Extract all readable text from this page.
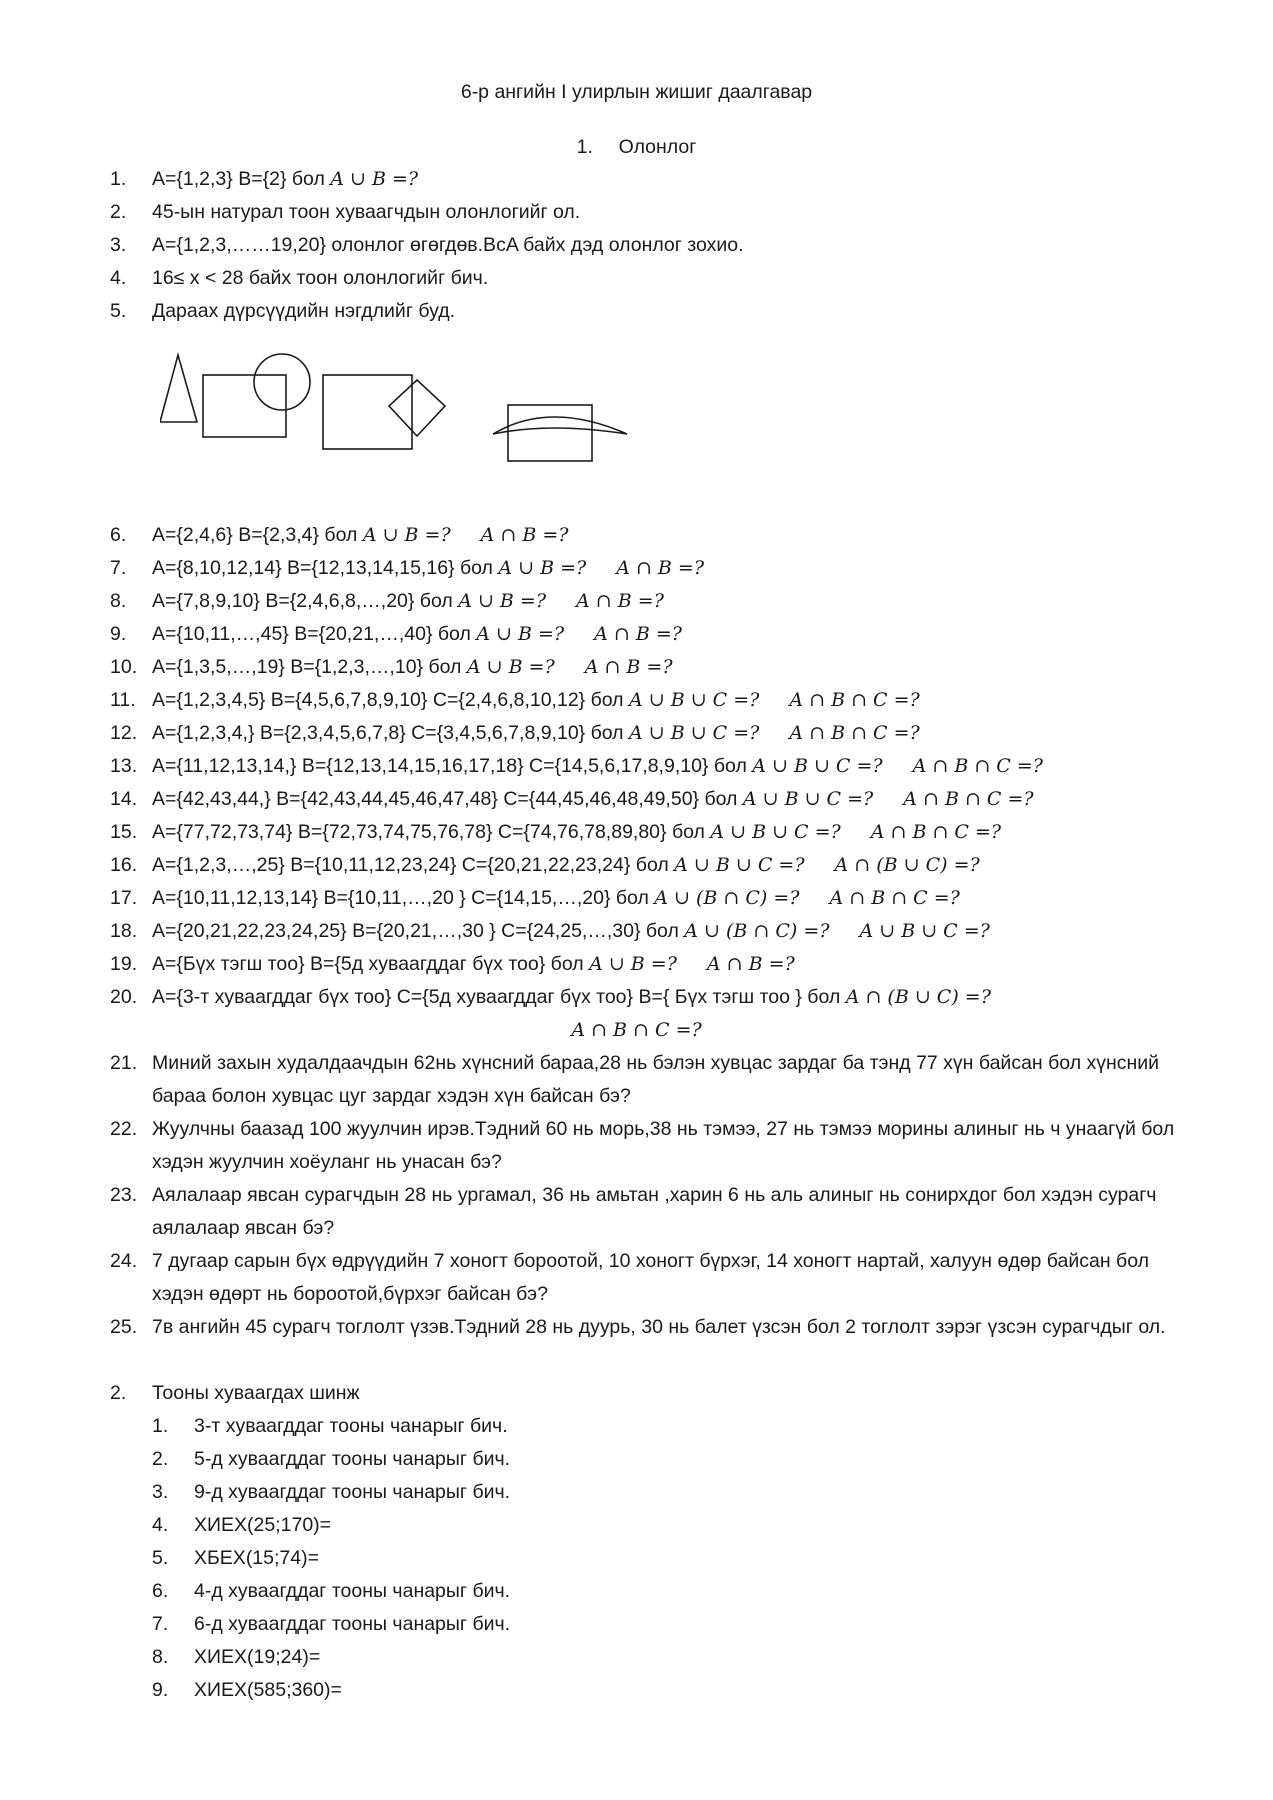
6-р ангийн I улирлын жишиг даалгавар
1. Олонлог
1. A={1,2,3} B={2} бол A ∪ B =?
2. 45-ын натурал тоон хуваагчдын олонлогийг ол.
3. A={1,2,3,……19,20} олонлог өгөгдөв.BcA байх дэд олонлог зохио.
4. 16≤ x < 28 байх тоон олонлогийг бич.
5. Дараах дүрсүүдийн нэгдлийг буд.
6. A={2,4,6} B={2,3,4} бол A ∪ B =? A ∩ B =?
7. A={8,10,12,14} B={12,13,14,15,16} бол A ∪ B =? A ∩ B =?
8. A={7,8,9,10} B={2,4,6,8,…,20} бол A ∪ B =? A ∩ B =?
9. A={10,11,…,45} B={20,21,…,40} бол A ∪ B =? A ∩ B =?
10. A={1,3,5,…,19} B={1,2,3,…,10} бол A ∪ B =? A ∩ B =?
11. A={1,2,3,4,5} B={4,5,6,7,8,9,10} C={2,4,6,8,10,12} бол A ∪ B ∪ C =? A ∩ B ∩ C =?
12. A={1,2,3,4,} B={2,3,4,5,6,7,8} C={3,4,5,6,7,8,9,10} бол A ∪ B ∪ C =? A ∩ B ∩ C =?
13. A={11,12,13,14,} B={12,13,14,15,16,17,18} C={14,5,6,17,8,9,10} бол A ∪ B ∪ C =? A ∩ B ∩ C =?
14. A={42,43,44,} B={42,43,44,45,46,47,48} C={44,45,46,48,49,50} бол A ∪ B ∪ C =? A ∩ B ∩ C =?
15. A={77,72,73,74} B={72,73,74,75,76,78} C={74,76,78,89,80} бол A ∪ B ∪ C =? A ∩ B ∩ C =?
16. A={1,2,3,…,25} B={10,11,12,23,24} C={20,21,22,23,24} бол A ∪ B ∪ C =? A ∩ (B ∪ C) =?
17. A={10,11,12,13,14} B={10,11,…,20 } C={14,15,…,20} бол A ∪ (B ∩ C) =? A ∩ B ∩ C =?
18. A={20,21,22,23,24,25} B={20,21,…,30 } C={24,25,…,30} бол A ∪ (B ∩ C) =? A ∪ B ∪ C =?
19. A={Бүх тэгш тоо} B={5д хуваагддаг бүх тоо} бол A ∪ B =? A ∩ B =?
20. A={3-т хуваагддаг бүх тоо} C={5д хуваагддаг бүх тоо} B={ Бүх тэгш тоо } бол A ∩ (B ∪ C) =?
A ∩ B ∩ C =?
21. Миний захын худалдаачдын 62нь хүнсний бараа,28 нь бэлэн хувцас зардаг ба тэнд 77 хүн байсан бол хүнсний бараа болон хувцас цуг зардаг хэдэн хүн байсан бэ?
22. Жуулчны баазад 100 жуулчин ирэв.Тэдний 60 нь морь,38 нь тэмээ, 27 нь тэмээ морины алиныг нь ч унаагүй бол хэдэн жуулчин хоёуланг нь унасан бэ?
23. Аялалаар явсан сурагчдын 28 нь ургамал, 36 нь амьтан ,харин 6 нь аль алиныг нь сонирхдог бол хэдэн сурагч аялалаар явсан бэ?
24. 7 дугаар сарын бүх өдрүүдийн 7 хоногт бороотой, 10 хоногт бүрхэг, 14 хоногт нартай, халуун өдөр байсан бол хэдэн өдөрт нь бороотой,бүрхэг байсан бэ?
25. 7в ангийн 45 сурагч тоглолт үзэв.Тэдний 28 нь дуурь, 30 нь балет үзсэн бол 2 тоглолт зэрэг үзсэн сурагчдыг ол.
2. Тооны хуваагдах шинж
1. 3-т хуваагддаг тооны чанарыг бич.
2. 5-д хуваагддаг тооны чанарыг бич.
3. 9-д хуваагддаг тооны чанарыг бич.
4. ХИЕХ(25;170)=
5. ХБЕХ(15;74)=
6. 4-д хуваагддаг тооны чанарыг бич.
7. 6-д хуваагддаг тооны чанарыг бич.
8. ХИЕХ(19;24)=
9. ХИЕХ(585;360)=
